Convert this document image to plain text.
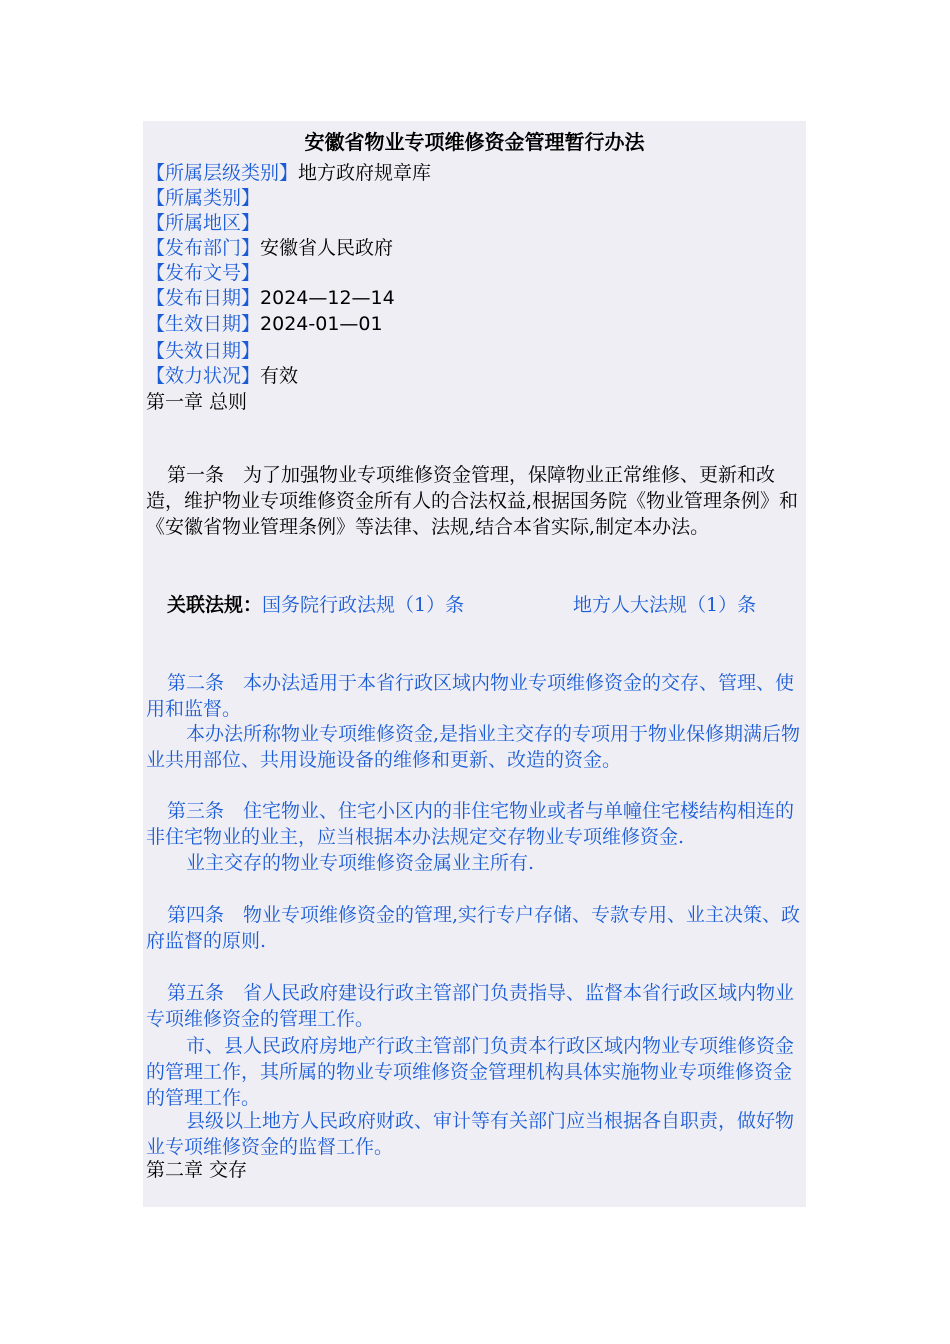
安徽省物业专项维修资金管理暂行办法
【所属层级类别】地方政府规章库
【所属类别】
【所属地区】
【发布部门】安徽省人民政府
【发布文号】
【发布日期】2024—12—14
【生效日期】2024-01—01
【失效日期】
【效力状况】有效
第一章 总则

第一条　为了加强物业专项维修资金管理，保障物业正常维修、更新和改造，维护物业专项维修资金所有人的合法权益,根据国务院《物业管理条例》和《安徽省物业管理条例》等法律、法规,结合本省实际,制定本办法。

关联法规：国务院行政法规（1）条	地方人大法规（1）条

第二条　本办法适用于本省行政区域内物业专项维修资金的交存、管理、使用和监督。

本办法所称物业专项维修资金,是指业主交存的专项用于物业保修期满后物业共用部位、共用设施设备的维修和更新、改造的资金。

第三条　住宅物业、住宅小区内的非住宅物业或者与单幢住宅楼结构相连的非住宅物业的业主，应当根据本办法规定交存物业专项维修资金.

业主交存的物业专项维修资金属业主所有.

第四条　物业专项维修资金的管理,实行专户存储、专款专用、业主决策、政府监督的原则.

第五条　省人民政府建设行政主管部门负责指导、监督本省行政区域内物业专项维修资金的管理工作。

市、县人民政府房地产行政主管部门负责本行政区域内物业专项维修资金的管理工作，其所属的物业专项维修资金管理机构具体实施物业专项维修资金的管理工作。

县级以上地方人民政府财政、审计等有关部门应当根据各自职责，做好物业专项维修资金的监督工作。

第二章 交存
